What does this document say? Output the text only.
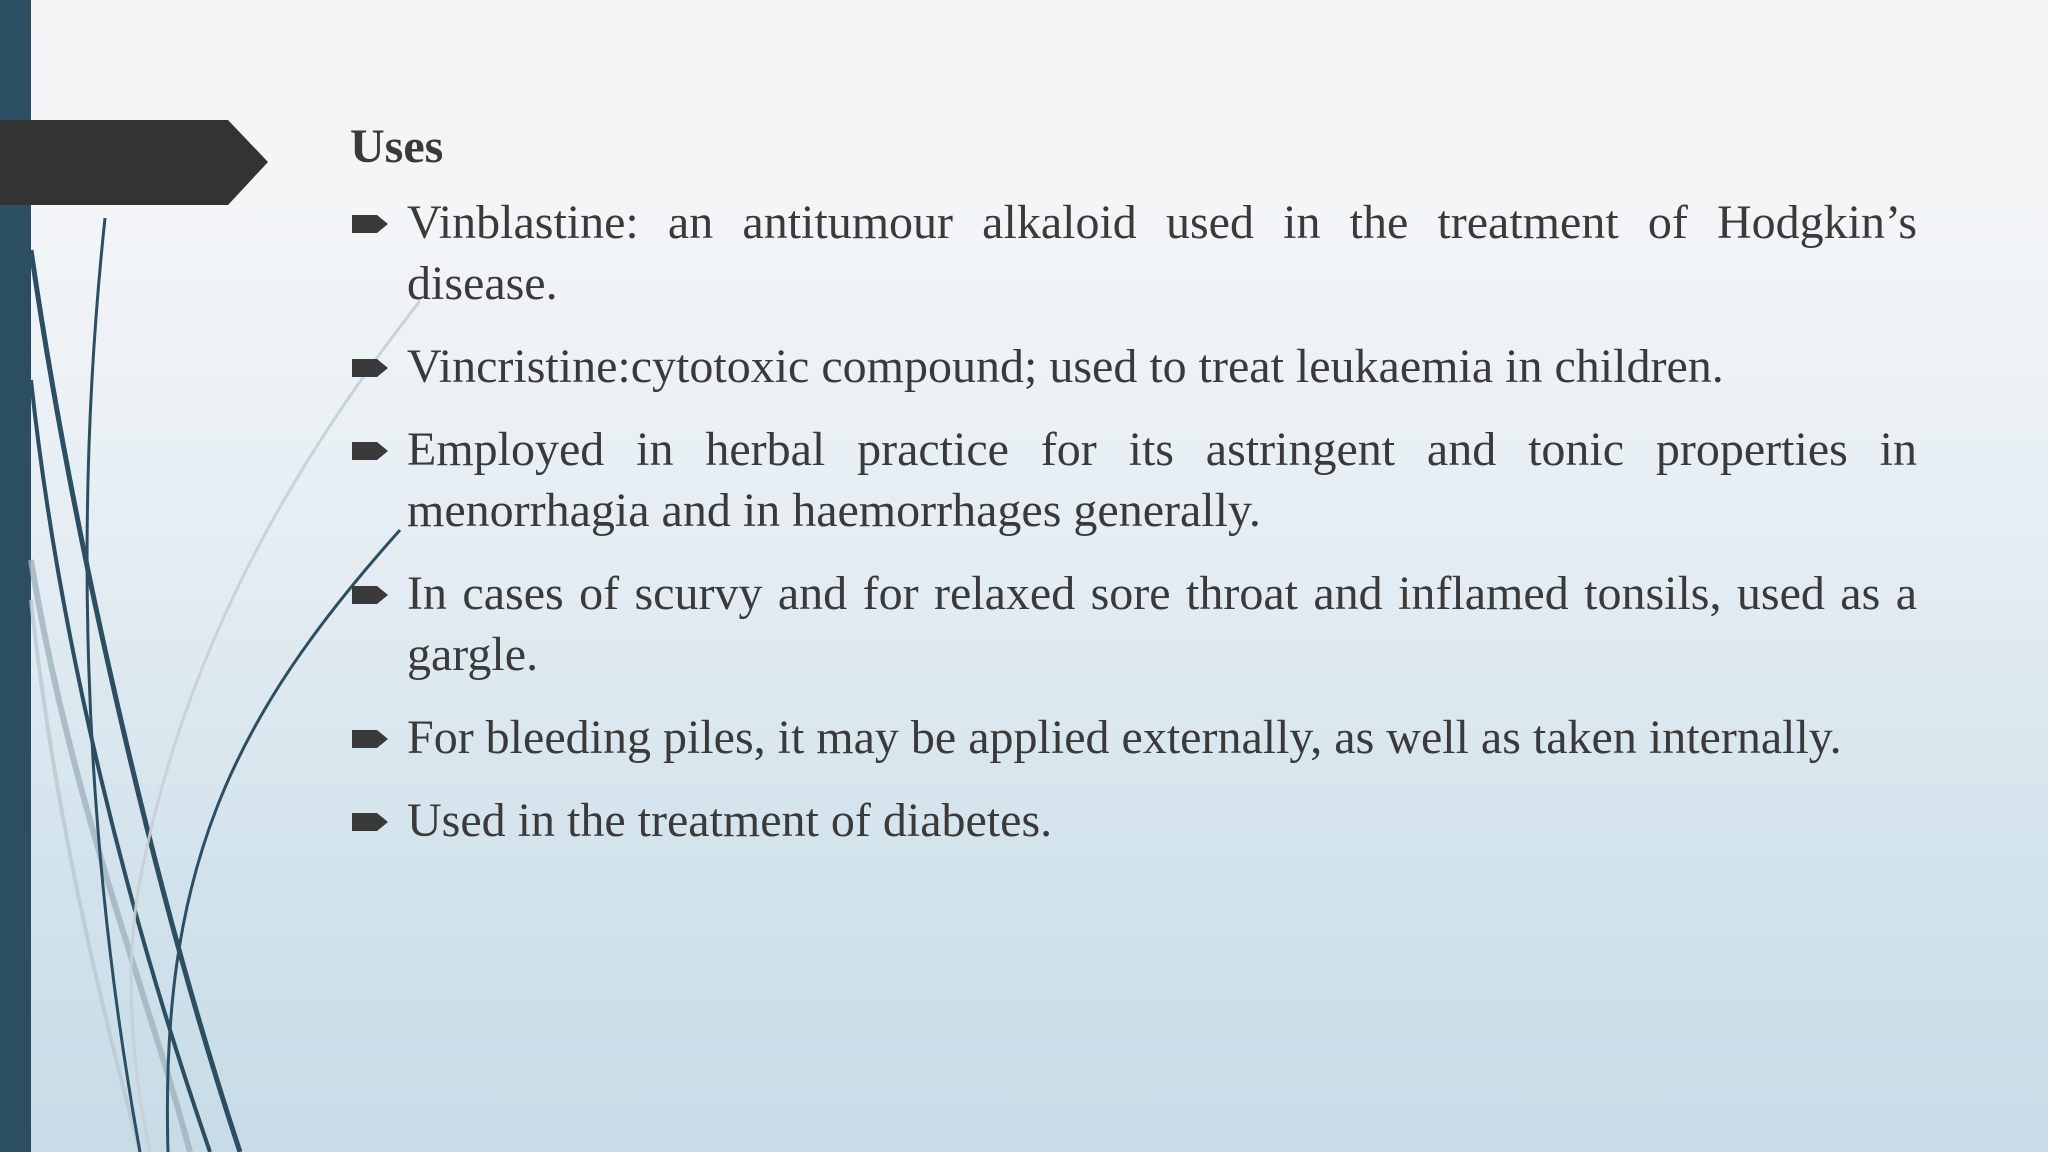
Uses
Vinblastine: an antitumour alkaloid used in the treatment of Hodgkin’s disease.
Vincristine:cytotoxic compound; used to treat leukaemia in children.
Employed in herbal practice for its astringent and tonic properties in menorrhagia and in haemorrhages generally.
In cases of scurvy and for relaxed sore throat and inflamed tonsils, used as a gargle.
For bleeding piles, it may be applied externally, as well as taken internally.
Used in the treatment of diabetes.
